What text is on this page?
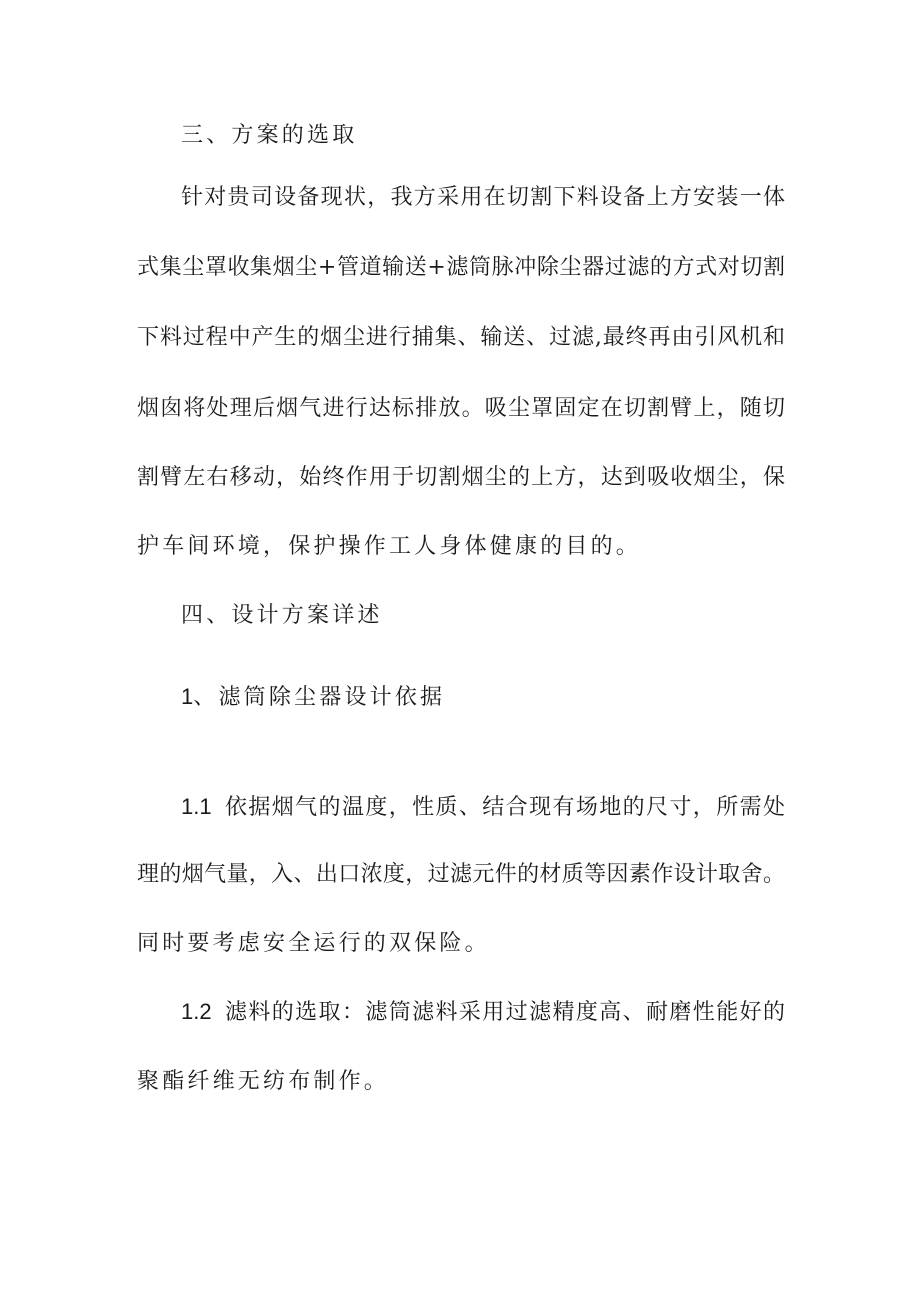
三、方案的选取
针对贵司设备现状，我方采用在切割下料设备上方安装一体
式集尘罩收集烟尘+管道输送+滤筒脉冲除尘器过滤的方式对切割
下料过程中产生的烟尘进行捕集、输送、过滤,最终再由引风机和
烟囱将处理后烟气进行达标排放。吸尘罩固定在切割臂上，随切
割臂左右移动，始终作用于切割烟尘的上方，达到吸收烟尘，保
护车间环境，保护操作工人身体健康的目的。
四、设计方案详述
1、滤筒除尘器设计依据
1.1 依据烟气的温度，性质、结合现有场地的尺寸，所需处
理的烟气量，入、出口浓度，过滤元件的材质等因素作设计取舍。
同时要考虑安全运行的双保险。
1.2 滤料的选取：滤筒滤料采用过滤精度高、耐磨性能好的
聚酯纤维无纺布制作。
